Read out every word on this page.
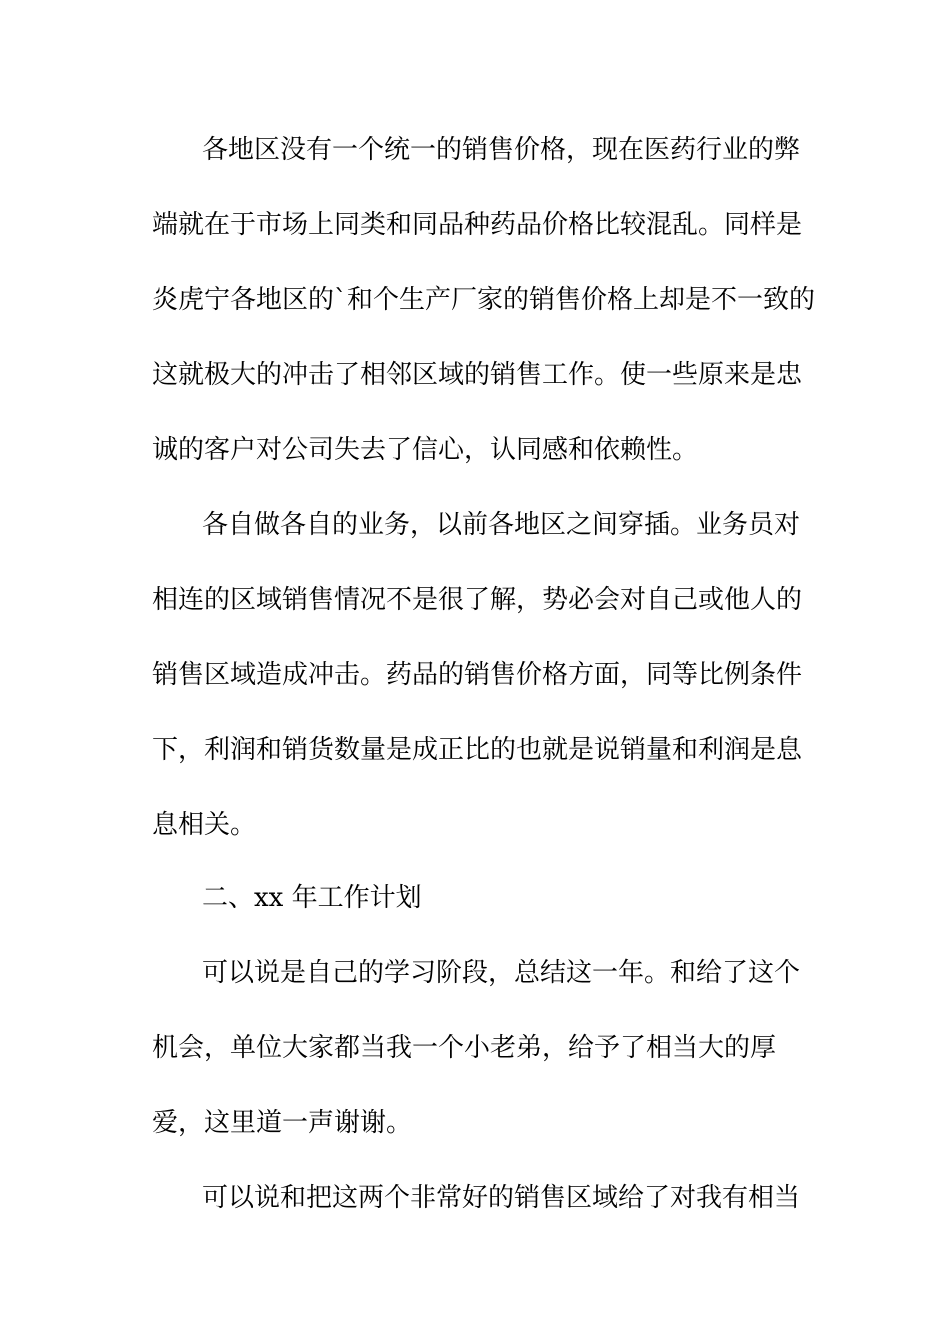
各地区没有一个统一的销售价格，现在医药行业的弊

端就在于市场上同类和同品种药品价格比较混乱。同样是

炎虎宁各地区的`和个生产厂家的销售价格上却是不一致的

这就极大的冲击了相邻区域的销售工作。使一些原来是忠

诚的客户对公司失去了信心，认同感和依赖性。

各自做各自的业务，以前各地区之间穿插。业务员对

相连的区域销售情况不是很了解，势必会对自己或他人的

销售区域造成冲击。药品的销售价格方面，同等比例条件

下，利润和销货数量是成正比的也就是说销量和利润是息

息相关。

二、xx 年工作计划

可以说是自己的学习阶段，总结这一年。和给了这个

机会，单位大家都当我一个小老弟，给予了相当大的厚

爱，这里道一声谢谢。

可以说和把这两个非常好的销售区域给了对我有相当
